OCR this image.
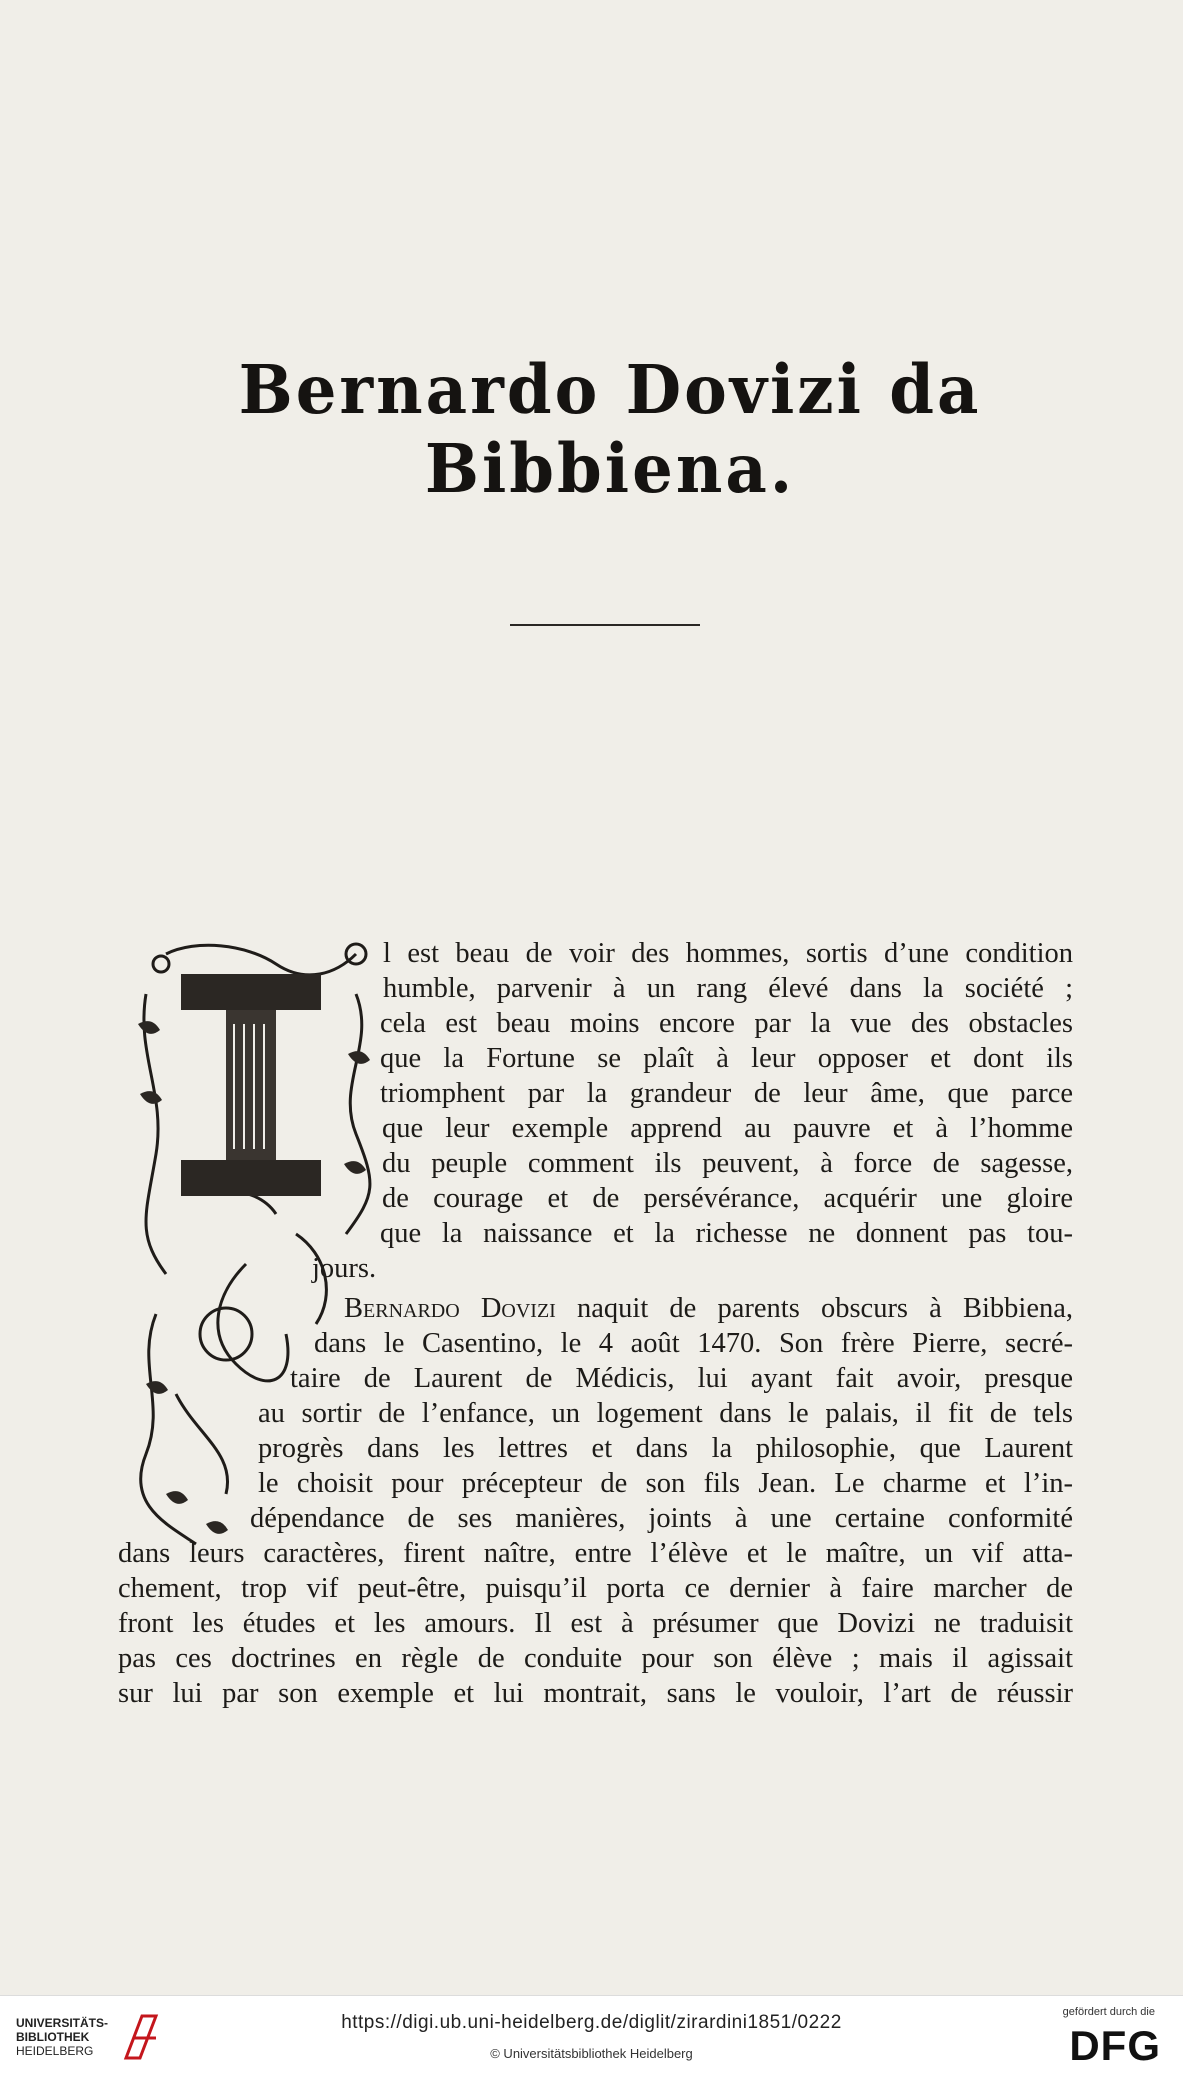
Bernardo Dovizi da Bibbiena.
l est beau de voir des hommes, sortis d’une condition
humble, parvenir à un rang élevé dans la société ;
cela est beau moins encore par la vue des obstacles
que la Fortune se plaît à leur opposer et dont ils
triomphent par la grandeur de leur âme, que parce
que leur exemple apprend au pauvre et à l’homme
du peuple comment ils peuvent, à force de sagesse,
de courage et de persévérance, acquérir une gloire
que la naissance et la richesse ne donnent pas tou-
jours.
Bernardo Dovizi naquit de parents obscurs à Bibbiena,
dans le Casentino, le 4 août 1470. Son frère Pierre, secré-
taire de Laurent de Médicis, lui ayant fait avoir, presque
au sortir de l’enfance, un logement dans le palais, il fit de tels
progrès dans les lettres et dans la philosophie, que Laurent
le choisit pour précepteur de son fils Jean. Le charme et l’in-
dépendance de ses manières, joints à une certaine conformité
dans leurs caractères, firent naître, entre l’élève et le maître, un vif atta-
chement, trop vif peut-être, puisqu’il porta ce dernier à faire marcher de
front les études et les amours. Il est à présumer que Dovizi ne traduisit
pas ces doctrines en règle de conduite pour son élève ; mais il agissait
sur lui par son exemple et lui montrait, sans le vouloir, l’art de réussir
UNIVERSITÄTS-
BIBLIOTHEK
HEIDELBERG
https://digi.ub.uni-heidelberg.de/diglit/zirardini1851/0222
© Universitätsbibliothek Heidelberg
gefördert durch die
DFG
